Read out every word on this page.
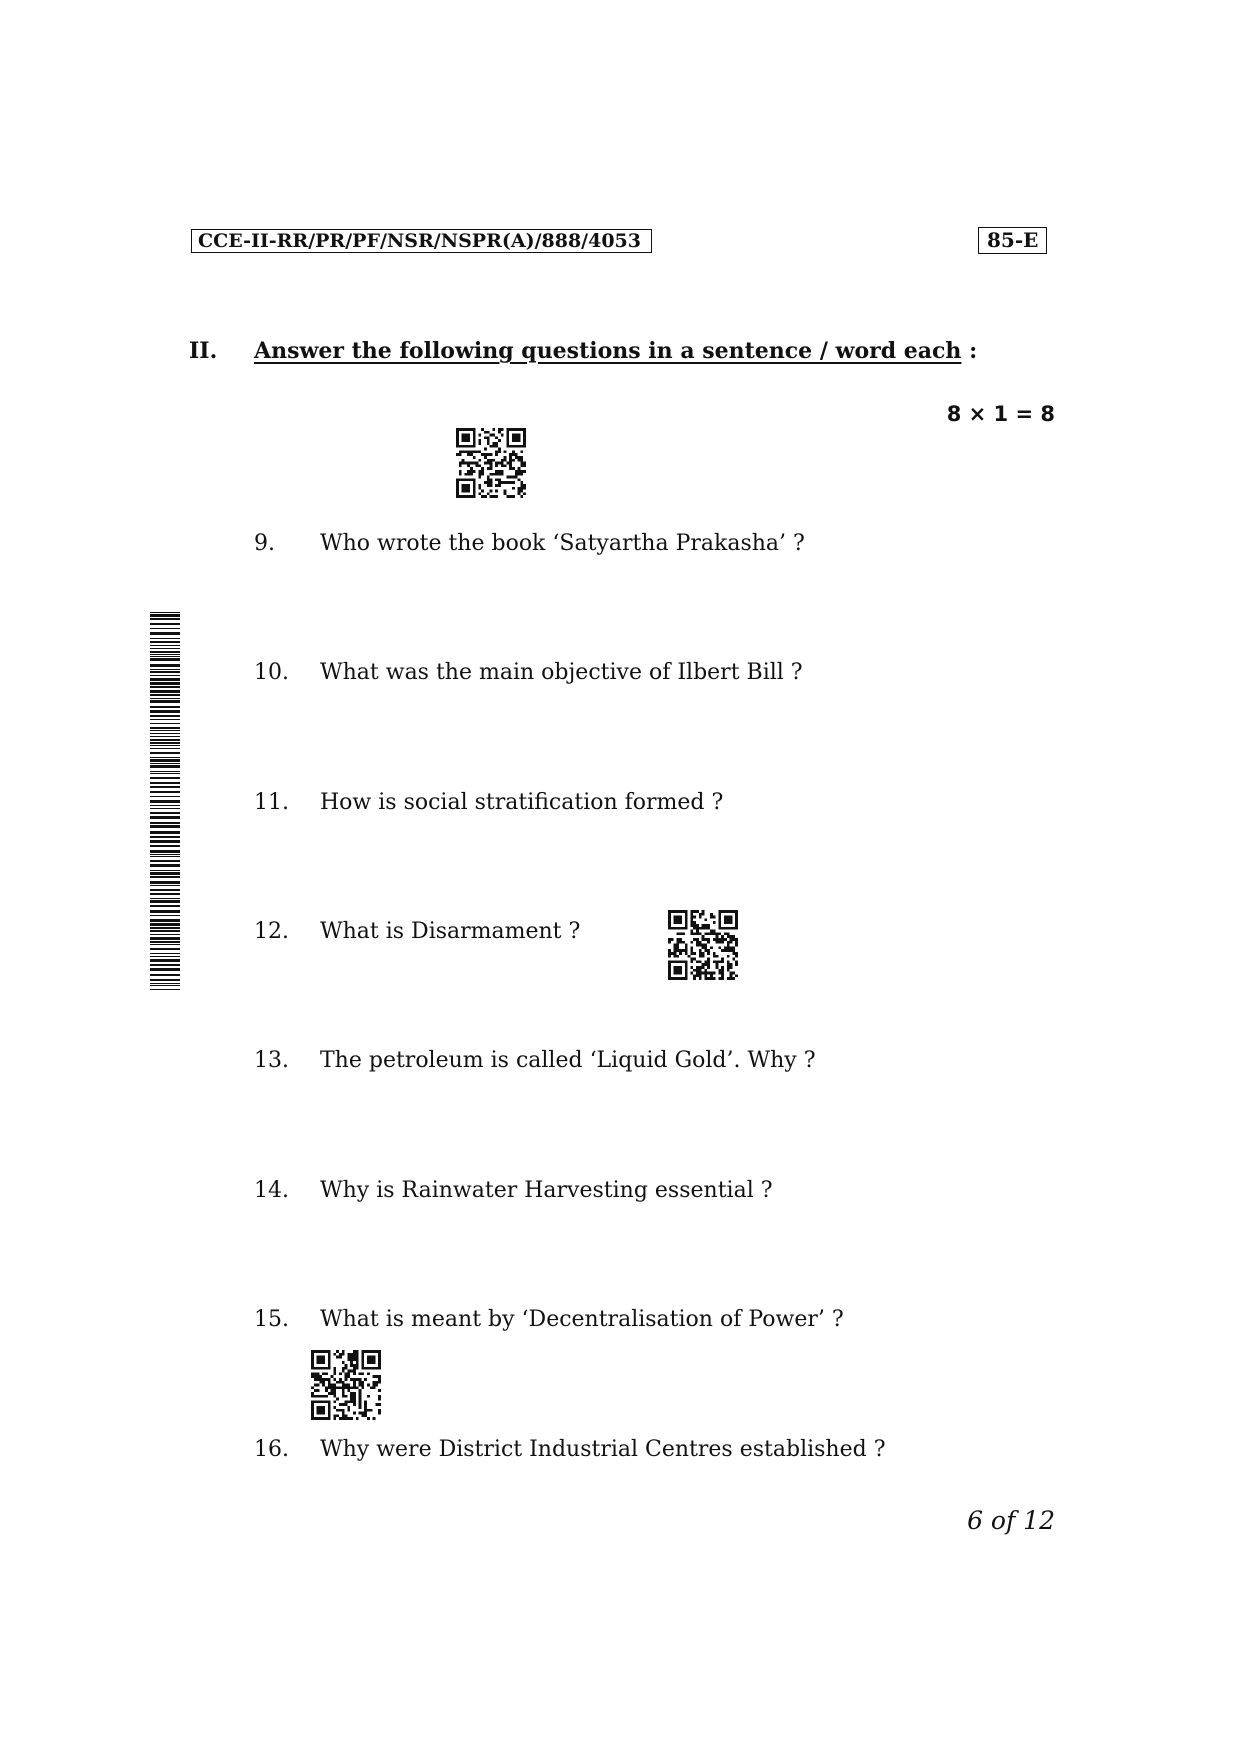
CCE-II-RR/PR/PF/NSR/NSPR(A)/888/4053	85-E
II. Answer the following questions in a sentence / word each :
8 × 1 = 8
9. Who wrote the book ‘Satyartha Prakasha’ ?
10. What was the main objective of Ilbert Bill ?
11. How is social stratification formed ?
12. What is Disarmament ?
13. The petroleum is called ‘Liquid Gold’. Why ?
14. Why is Rainwater Harvesting essential ?
15. What is meant by ‘Decentralisation of Power’ ?
16. Why were District Industrial Centres established ?
6 of 12
